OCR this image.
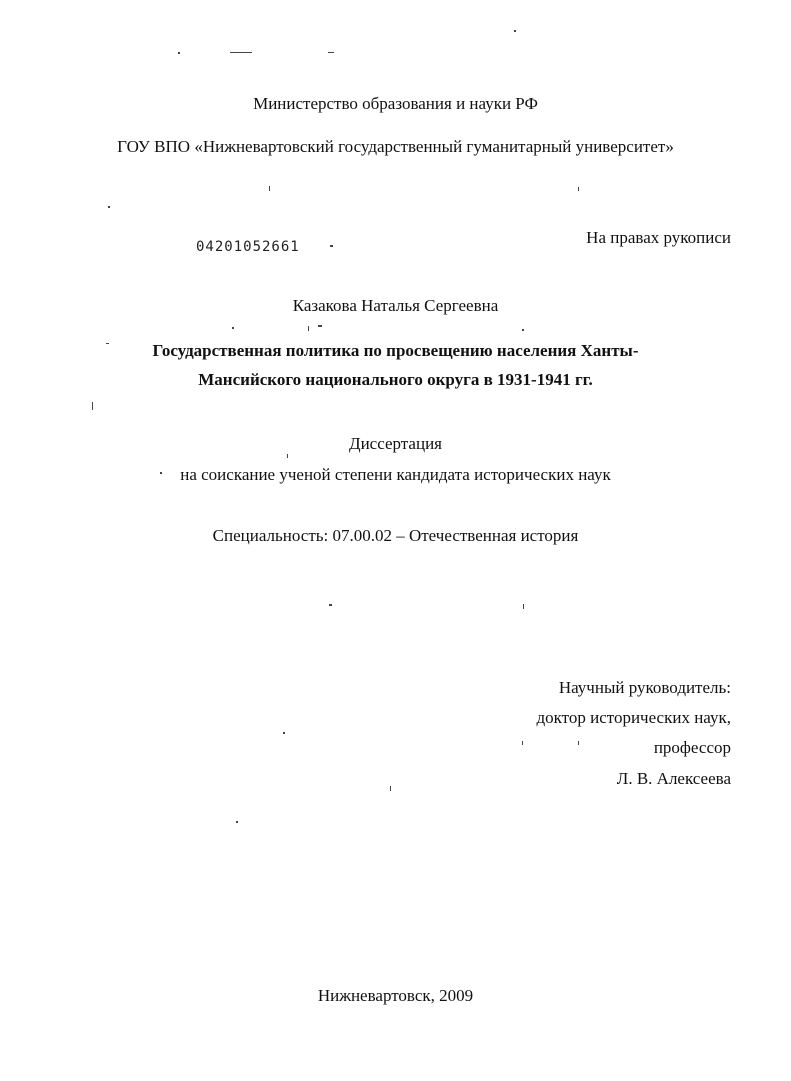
Министерство образования и науки РФ
ГОУ ВПО «Нижневартовский государственный гуманитарный университет»
04201052661	На правах рукописи
Казакова Наталья Сергеевна
Государственная политика по просвещению населения Ханты-
Мансийского национального округа в 1931-1941 гг.
Диссертация
на соискание ученой степени кандидата исторических наук
Специальность: 07.00.02 – Отечественная история
Научный руководитель:
доктор исторических наук,
профессор
Л. В. Алексеева
Нижневартовск, 2009
